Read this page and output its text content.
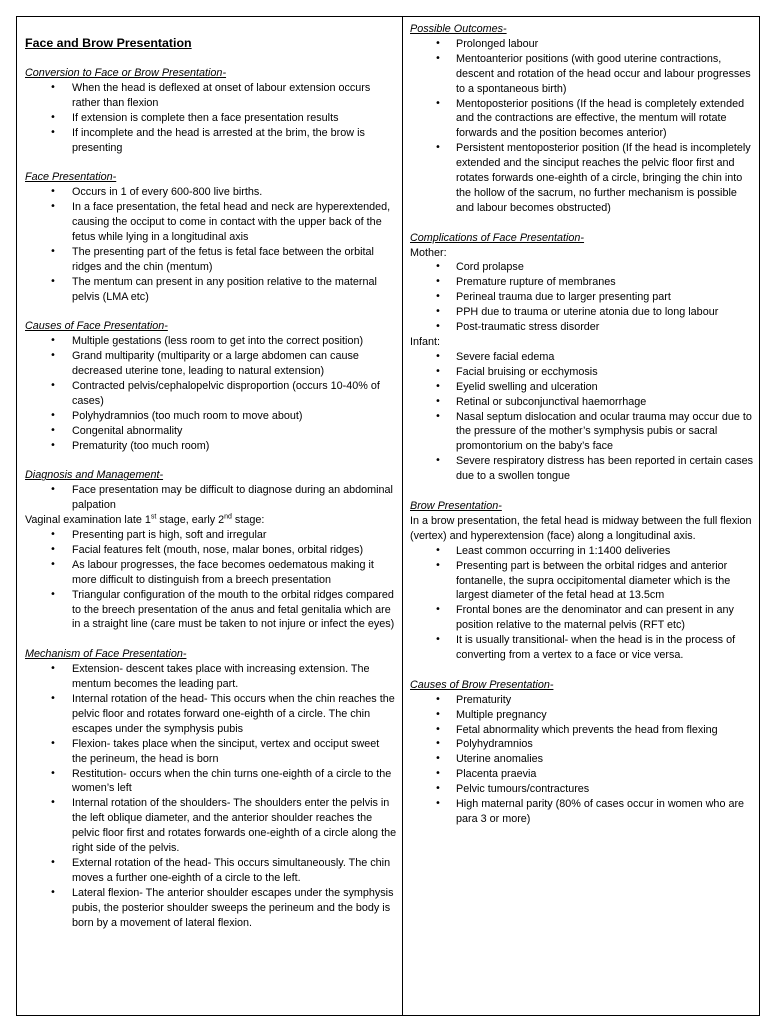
Face and Brow Presentation

Conversion to Face or Brow Presentation-

• When the head is deflexed at onset of labour extension occurs rather than flexion
• If extension is complete then a face presentation results
• If incomplete and the head is arrested at the brim, the brow is presenting

Face Presentation-

• Occurs in 1 of every 600-800 live births.
• In a face presentation, the fetal head and neck are hyperextended, causing the occiput to come in contact with the upper back of the fetus while lying in a longitudinal axis
• The presenting part of the fetus is fetal face between the orbital ridges and the chin (mentum)
• The mentum can present in any position relative to the maternal pelvis (LMA etc)

Causes of Face Presentation-

• Multiple gestations (less room to get into the correct position)
• Grand multiparity (multiparity or a large abdomen can cause decreased uterine tone, leading to natural extension)
• Contracted pelvis/cephalopelvic disproportion (occurs 10-40% of cases)
• Polyhydramnios (too much room to move about)
• Congenital abnormality
• Prematurity (too much room)

Diagnosis and Management-

• Face presentation may be difficult to diagnose during an abdominal palpation

Vaginal examination late 1st stage, early 2nd stage:

• Presenting part is high, soft and irregular
• Facial features felt (mouth, nose, malar bones, orbital ridges)
• As labour progresses, the face becomes oedematous making it more difficult to distinguish from a breech presentation
• Triangular configuration of the mouth to the orbital ridges compared to the breech presentation of the anus and fetal genitalia which are in a straight line (care must be taken to not injure or infect the eyes)

Mechanism of Face Presentation-

• Extension- descent takes place with increasing extension. The mentum becomes the leading part.
• Internal rotation of the head- This occurs when the chin reaches the pelvic floor and rotates forward one-eighth of a circle. The chin escapes under the symphysis pubis
• Flexion- takes place when the sinciput, vertex and occiput sweet the perineum, the head is born
• Restitution- occurs when the chin turns one-eighth of a circle to the women’s left
• Internal rotation of the shoulders- The shoulders enter the pelvis in the left oblique diameter, and the anterior shoulder reaches the pelvic floor first and rotates forwards one-eighth of a circle along the right side of the pelvis.
• External rotation of the head- This occurs simultaneously. The chin moves a further one-eighth of a circle to the left.
• Lateral flexion- The anterior shoulder escapes under the symphysis pubis, the posterior shoulder sweeps the perineum and the body is born by a movement of lateral flexion.

Possible Outcomes-

• Prolonged labour
• Mentoanterior positions (with good uterine contractions, descent and rotation of the head occur and labour progresses to a spontaneous birth)
• Mentoposterior positions (If the head is completely extended and the contractions are effective, the mentum will rotate forwards and the position becomes anterior)
• Persistent mentoposterior position (If the head is incompletely extended and the sinciput reaches the pelvic floor first and rotates forwards one-eighth of a circle, bringing the chin into the hollow of the sacrum, no further mechanism is possible and labour becomes obstructed)

Complications of Face Presentation-

Mother:

• Cord prolapse
• Premature rupture of membranes
• Perineal trauma due to larger presenting part
• PPH due to trauma or uterine atonia due to long labour
• Post-traumatic stress disorder

Infant:

• Severe facial edema
• Facial bruising or ecchymosis
• Eyelid swelling and ulceration
• Retinal or subconjunctival haemorrhage
• Nasal septum dislocation and ocular trauma may occur due to the pressure of the mother’s symphysis pubis or sacral promontorium on the baby’s face
• Severe respiratory distress has been reported in certain cases due to a swollen tongue

Brow Presentation-

In a brow presentation, the fetal head is midway between the full flexion (vertex) and hyperextension (face) along a longitudinal axis.

• Least common occurring in 1:1400 deliveries
• Presenting part is between the orbital ridges and anterior fontanelle, the supra occipitomental diameter which is the largest diameter of the fetal head at 13.5cm
• Frontal bones are the denominator and can present in any position relative to the maternal pelvis (RFT etc)
• It is usually transitional- when the head is in the process of converting from a vertex to a face or vice versa.

Causes of Brow Presentation-

• Prematurity
• Multiple pregnancy
• Fetal abnormality which prevents the head from flexing
• Polyhydramnios
• Uterine anomalies
• Placenta praevia
• Pelvic tumours/contractures
• High maternal parity (80% of cases occur in women who are para 3 or more)
